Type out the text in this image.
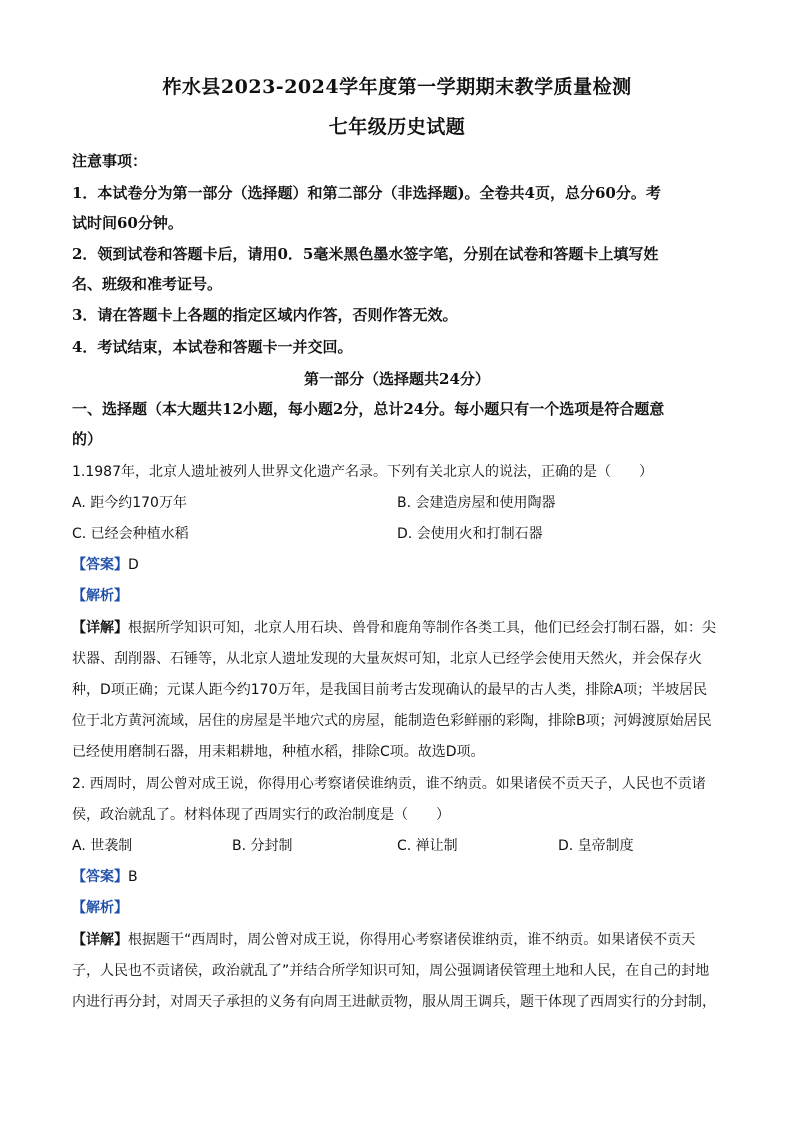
柞水县2023-2024学年度第一学期期末教学质量检测
七年级历史试题
注意事项：
1．本试卷分为第一部分（选择题）和第二部分（非选择题)。全卷共4页，总分60分。考
试时间60分钟。
2．领到试卷和答题卡后，请用0．5毫米黑色墨水签字笔，分别在试卷和答题卡上填写姓
名、班级和准考证号。
3．请在答题卡上各题的指定区域内作答，否则作答无效。
4．考试结束，本试卷和答题卡一并交回。
第一部分（选择题共24分）
一、选择题（本大题共12小题，每小题2分，总计24分。每小题只有一个选项是符合题意
的）
1.1987年，北京人遗址被列人世界文化遗产名录。下列有关北京人的说法，正确的是（　　）
A. 距今约170万年	B. 会建造房屋和使用陶器
C. 已经会种植水稻	D. 会使用火和打制石器
【答案】D
【解析】
【详解】根据所学知识可知，北京人用石块、兽骨和鹿角等制作各类工具，他们已经会打制石器，如：尖
状器、刮削器、石锤等，从北京人遗址发现的大量灰烬可知，北京人已经学会使用天然火，并会保存火
种，D项正确；元谋人距今约170万年，是我国目前考古发现确认的最早的古人类，排除A项；半坡居民
位于北方黄河流域，居住的房屋是半地穴式的房屋，能制造色彩鲜丽的彩陶，排除B项；河姆渡原始居民
已经使用磨制石器，用耒耜耕地，种植水稻，排除C项。故选D项。
2. 西周时，周公曾对成王说，你得用心考察诸侯谁纳贡，谁不纳贡。如果诸侯不贡天子，人民也不贡诸
侯，政治就乱了。材料体现了西周实行的政治制度是（　　）
A. 世袭制	B. 分封制	C. 禅让制	D. 皇帝制度
【答案】B
【解析】
【详解】根据题干“西周时，周公曾对成王说，你得用心考察诸侯谁纳贡，谁不纳贡。如果诸侯不贡天
子，人民也不贡诸侯，政治就乱了”并结合所学知识可知，周公强调诸侯管理土地和人民，在自己的封地
内进行再分封，对周天子承担的义务有向周王进献贡物，服从周王调兵，题干体现了西周实行的分封制，
